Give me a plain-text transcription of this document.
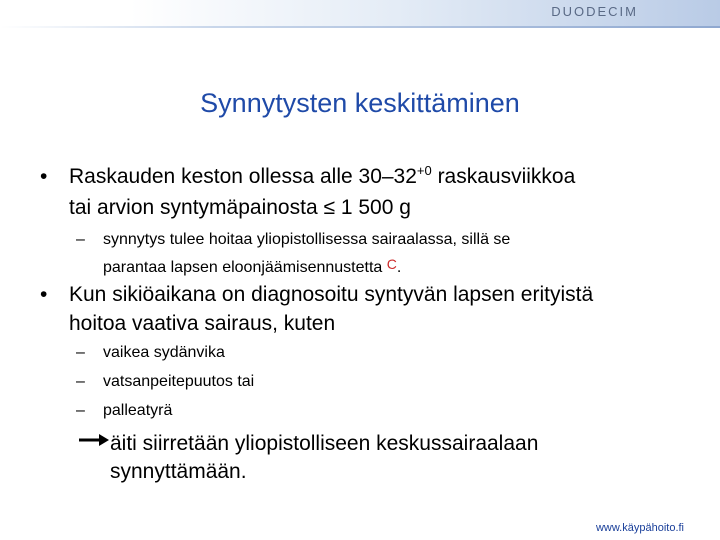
DUODECIM
Synnytysten keskittäminen
• Raskauden keston ollessa alle $30-32^{+0}$ raskausviikkoa
tai arvion syntymäpainosta ≤ 1 500 g
– synnytys tulee hoitaa yliopistollisessa sairaalassa, sillä se
parantaa lapsen eloonjäämisennustetta C.
• Kun sikiöaikana on diagnosoitu syntyvän lapsen erityistä
hoitoa vaativa sairaus, kuten
– vaikea sydänvika
– vatsanpeitepuutos tai
– palleatyrä
äiti siirretään yliopistolliseen keskussairaalaan
synnyttämään.
www.käypähoito.fi
